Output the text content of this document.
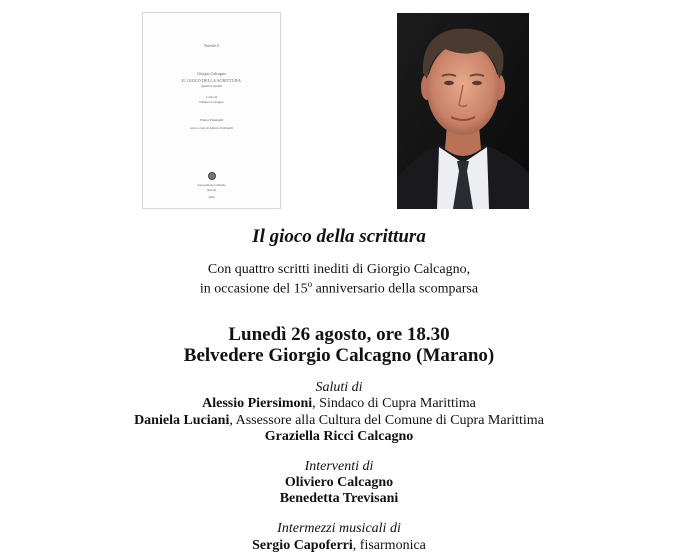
Nuvole 2
Giorgio Calcagno
IL GIOCO DELLA SCRITTURA
Quattro inediti
a cura di
Oliviero Calcagno
Walter Pulsinelli
testo a cura di Alberto Pulsinelli
Associazione Culturale
Nuvole
2024
Il gioco della scrittura
Con quattro scritti inediti di Giorgio Calcagno,
in occasione del 15$^o$ anniversario della scomparsa
Lunedì 26 agosto, ore 18.30
Belvedere Giorgio Calcagno (Marano)
Saluti di
Alessio Piersimoni, Sindaco di Cupra Marittima
Daniela Luciani, Assessore alla Cultura del Comune di Cupra Marittima
Graziella Ricci Calcagno
Interventi di
Oliviero Calcagno
Benedetta Trevisani
Intermezzi musicali di
Sergio Capoferri, fisarmonica
